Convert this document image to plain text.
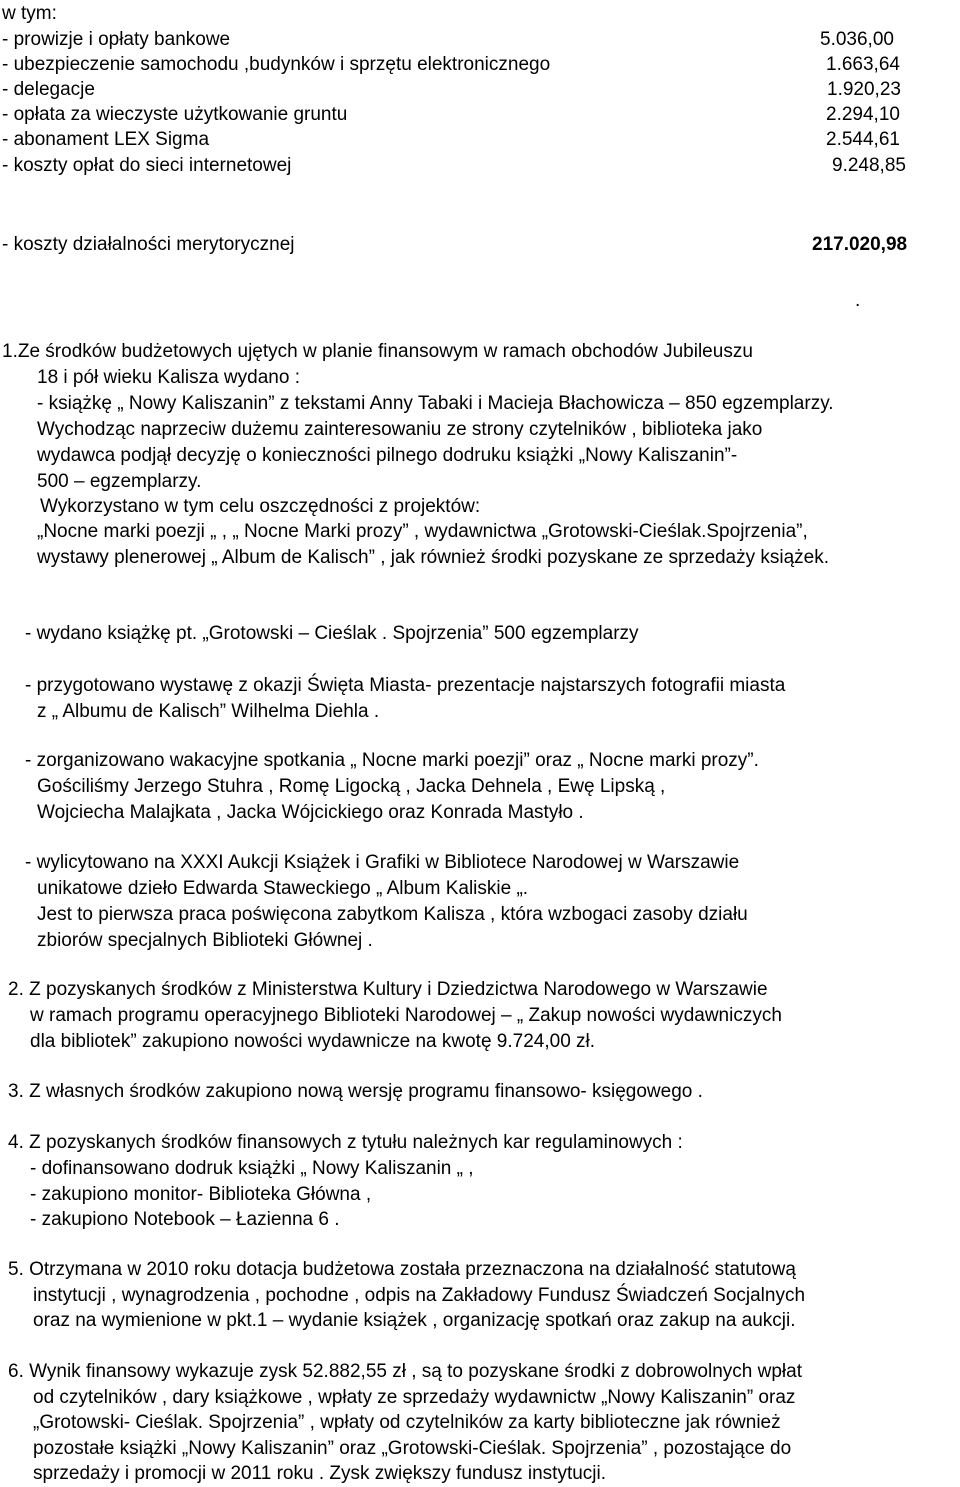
w tym:
- prowizje i opłaty bankowe	5.036,00
- ubezpieczenie samochodu ,budynków i sprzętu elektronicznego	1.663,64
- delegacje	1.920,23
- opłata za wieczyste użytkowanie gruntu	2.294,10
- abonament LEX Sigma	2.544,61
- koszty opłat do sieci internetowej	9.248,85
- koszty działalności merytorycznej	217.020,98
.
1.Ze środków budżetowych ujętych w planie finansowym w ramach obchodów Jubileuszu
18 i pół wieku Kalisza wydano :
- książkę „ Nowy Kaliszanin” z tekstami Anny Tabaki i Macieja Błachowicza – 850 egzemplarzy.
Wychodząc naprzeciw dużemu zainteresowaniu ze strony czytelników , biblioteka jako
wydawca podjął decyzję o konieczności pilnego dodruku książki „Nowy Kaliszanin”-
500 – egzemplarzy.
Wykorzystano w tym celu oszczędności z projektów:
„Nocne marki poezji „ , „ Nocne Marki prozy” , wydawnictwa „Grotowski-Cieślak.Spojrzenia”,
wystawy plenerowej „ Album de Kalisch” , jak również środki pozyskane ze sprzedaży książek.
- wydano książkę pt. „Grotowski – Cieślak . Spojrzenia” 500 egzemplarzy
- przygotowano wystawę z okazji Święta Miasta- prezentacje najstarszych fotografii miasta
z „ Albumu de Kalisch” Wilhelma Diehla .
- zorganizowano wakacyjne spotkania „ Nocne marki poezji” oraz „ Nocne marki prozy”.
Gościliśmy Jerzego Stuhra , Romę Ligocką , Jacka Dehnela , Ewę Lipską ,
Wojciecha Malajkata , Jacka Wójcickiego oraz Konrada Mastyło .
- wylicytowano na XXXI Aukcji Książek i Grafiki w Bibliotece Narodowej w Warszawie
unikatowe dzieło Edwarda Staweckiego „ Album Kaliskie „.
Jest to pierwsza praca poświęcona zabytkom Kalisza , która wzbogaci zasoby działu
zbiorów specjalnych Biblioteki Głównej .
2. Z pozyskanych środków z Ministerstwa Kultury i Dziedzictwa Narodowego w Warszawie
w ramach programu operacyjnego Biblioteki Narodowej – „ Zakup nowości wydawniczych
dla bibliotek” zakupiono nowości wydawnicze na kwotę 9.724,00 zł.
3. Z własnych środków zakupiono nową wersję programu finansowo- księgowego .
4. Z pozyskanych środków finansowych z tytułu należnych kar regulaminowych :
- dofinansowano dodruk książki „ Nowy Kaliszanin „ ,
- zakupiono monitor- Biblioteka Główna ,
- zakupiono Notebook – Łazienna 6 .
5. Otrzymana w 2010 roku dotacja budżetowa została przeznaczona na działalność statutową
instytucji , wynagrodzenia , pochodne , odpis na Zakładowy Fundusz Świadczeń Socjalnych
oraz na wymienione w pkt.1 – wydanie książek , organizację spotkań oraz zakup na aukcji.
6. Wynik finansowy wykazuje zysk 52.882,55 zł , są to pozyskane środki z dobrowolnych wpłat
od czytelników , dary książkowe , wpłaty ze sprzedaży wydawnictw „Nowy Kaliszanin” oraz
„Grotowski- Cieślak. Spojrzenia” , wpłaty od czytelników za karty biblioteczne jak również
pozostałe książki „Nowy Kaliszanin” oraz „Grotowski-Cieślak. Spojrzenia” , pozostające do
sprzedaży i promocji w 2011 roku . Zysk zwiększy fundusz instytucji.
